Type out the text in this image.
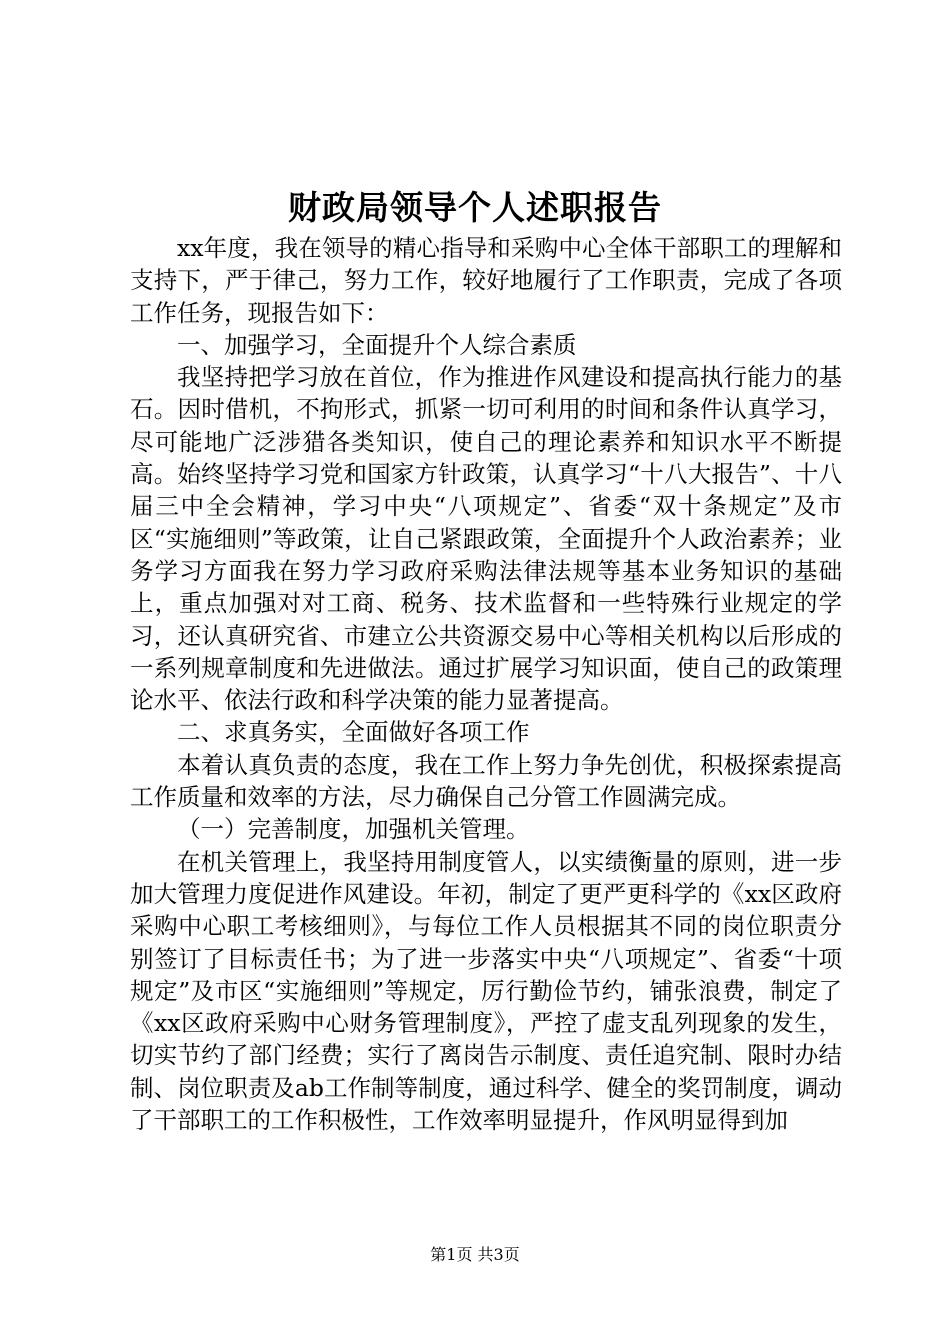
财政局领导个人述职报告

xx年度，我在领导的精心指导和采购中心全体干部职工的理解和支持下，严于律己，努力工作，较好地履行了工作职责，完成了各项工作任务，现报告如下：

一、加强学习，全面提升个人综合素质

我坚持把学习放在首位，作为推进作风建设和提高执行能力的基石。因时借机，不拘形式，抓紧一切可利用的时间和条件认真学习，尽可能地广泛涉猎各类知识，使自己的理论素养和知识水平不断提高。始终坚持学习党和国家方针政策，认真学习“十八大报告”、十八届三中全会精神，学习中央“八项规定”、省委“双十条规定”及市区“实施细则”等政策，让自己紧跟政策，全面提升个人政治素养；业务学习方面我在努力学习政府采购法律法规等基本业务知识的基础上，重点加强对对工商、税务、技术监督和一些特殊行业规定的学习，还认真研究省、市建立公共资源交易中心等相关机构以后形成的一系列规章制度和先进做法。通过扩展学习知识面，使自己的政策理论水平、依法行政和科学决策的能力显著提高。

二、求真务实，全面做好各项工作

本着认真负责的态度，我在工作上努力争先创优，积极探索提高工作质量和效率的方法，尽力确保自己分管工作圆满完成。

（一）完善制度，加强机关管理。

在机关管理上，我坚持用制度管人，以实绩衡量的原则，进一步加大管理力度促进作风建设。年初，制定了更严更科学的《xx区政府采购中心职工考核细则》，与每位工作人员根据其不同的岗位职责分别签订了目标责任书；为了进一步落实中央“八项规定”、省委“十项规定”及市区“实施细则”等规定，厉行勤俭节约，铺张浪费，制定了《xx区政府采购中心财务管理制度》，严控了虚支乱列现象的发生，切实节约了部门经费；实行了离岗告示制度、责任追究制、限时办结制、岗位职责及ab工作制等制度，通过科学、健全的奖罚制度，调动了干部职工的工作积极性，工作效率明显提升，作风明显得到加

第1页 共3页
